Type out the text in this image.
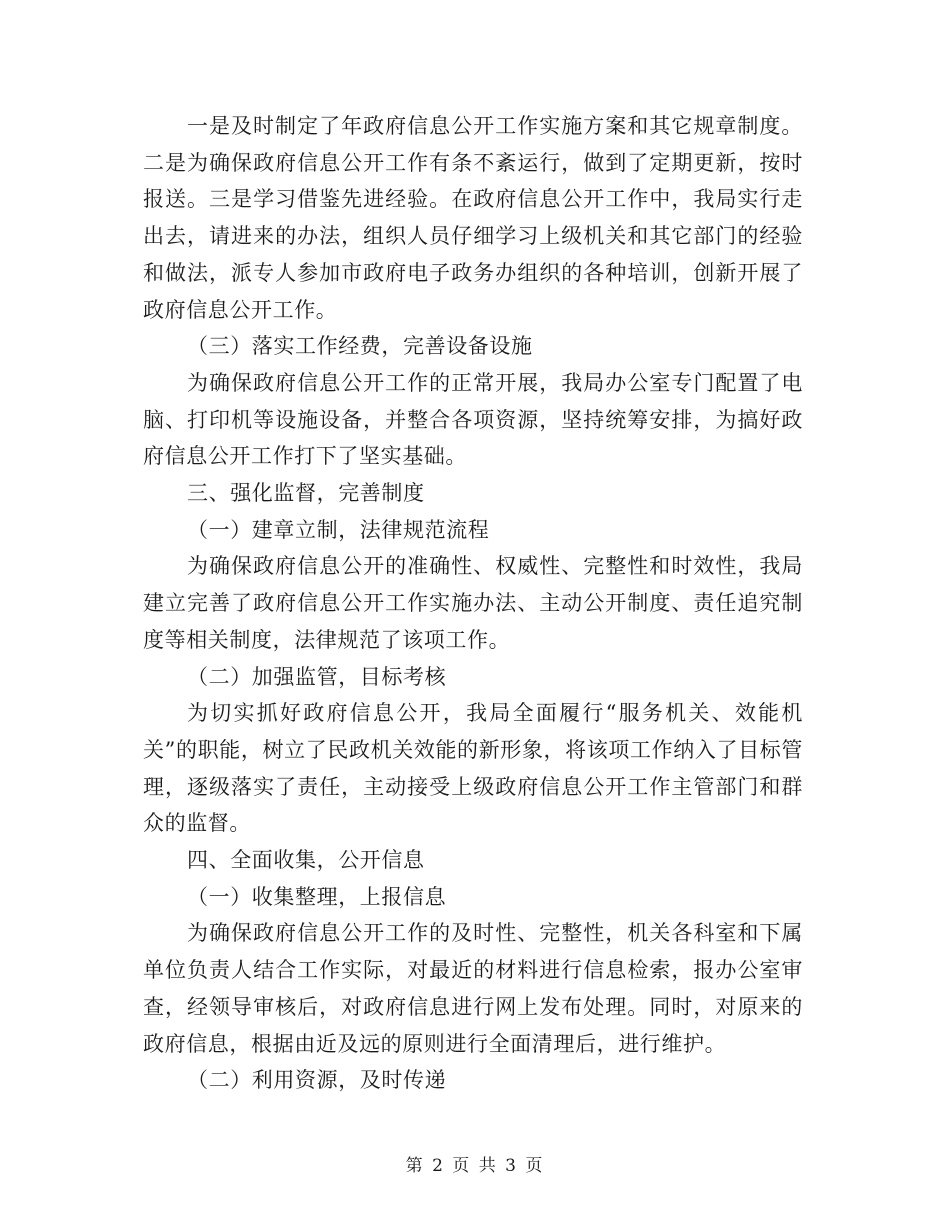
一是及时制定了年政府信息公开工作实施方案和其它规章制度。二是为确保政府信息公开工作有条不紊运行，做到了定期更新，按时报送。三是学习借鉴先进经验。在政府信息公开工作中，我局实行走出去，请进来的办法，组织人员仔细学习上级机关和其它部门的经验和做法，派专人参加市政府电子政务办组织的各种培训，创新开展了政府信息公开工作。

（三）落实工作经费，完善设备设施

为确保政府信息公开工作的正常开展，我局办公室专门配置了电脑、打印机等设施设备，并整合各项资源，坚持统筹安排，为搞好政府信息公开工作打下了坚实基础。

三、强化监督，完善制度

（一）建章立制，法律规范流程

为确保政府信息公开的准确性、权威性、完整性和时效性，我局建立完善了政府信息公开工作实施办法、主动公开制度、责任追究制度等相关制度，法律规范了该项工作。

（二）加强监管，目标考核

为切实抓好政府信息公开，我局全面履行“服务机关、效能机关”的职能，树立了民政机关效能的新形象，将该项工作纳入了目标管理，逐级落实了责任，主动接受上级政府信息公开工作主管部门和群众的监督。

四、全面收集，公开信息

（一）收集整理，上报信息

为确保政府信息公开工作的及时性、完整性，机关各科室和下属单位负责人结合工作实际，对最近的材料进行信息检索，报办公室审查，经领导审核后，对政府信息进行网上发布处理。同时，对原来的政府信息，根据由近及远的原则进行全面清理后，进行维护。

（二）利用资源，及时传递

第 2 页 共 3 页
